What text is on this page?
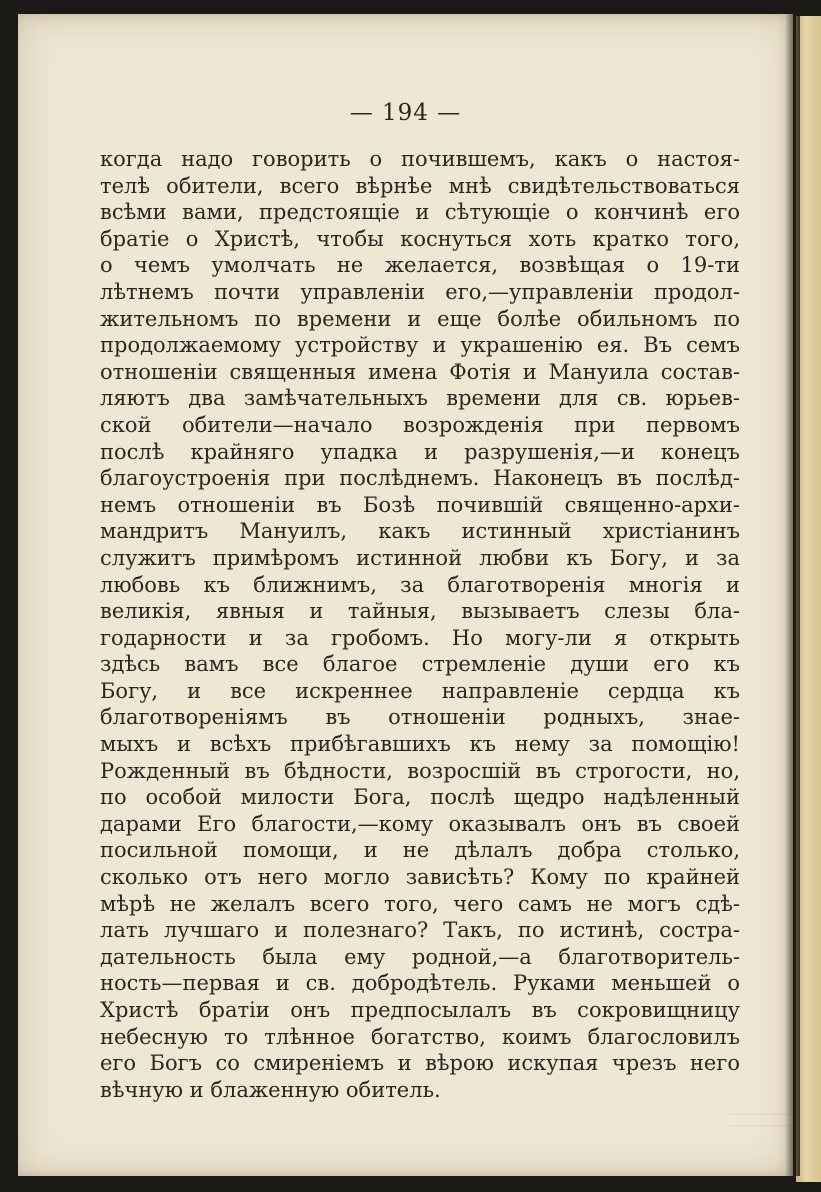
— 194 —
когда надо говорить о почившемъ, какъ о настоя-
телѣ обители, всего вѣрнѣе мнѣ свидѣтельствоваться
всѣми вами, предстоящіе и сѣтующіе о кончинѣ его
братіе о Христѣ, чтобы коснуться хоть кратко того,
о чемъ умолчать не желается, возвѣщая о 19-ти
лѣтнемъ почти управленіи его,—управленіи продол-
жительномъ по времени и еще болѣе обильномъ по
продолжаемому устройству и украшенію ея. Въ семъ
отношеніи священныя имена Фотія и Мануила состав-
ляютъ два замѣчательныхъ времени для св. юрьев-
ской обители—начало возрожденія при первомъ
послѣ крайняго упадка и разрушенія,—и конецъ
благоустроенія при послѣднемъ. Наконецъ въ послѣд-
немъ отношеніи въ Бозѣ почившій священно-архи-
мандритъ Мануилъ, какъ истинный христіанинъ
служитъ примѣромъ истинной любви къ Богу, и за
любовь къ ближнимъ, за благотворенія многія и
великія, явныя и тайныя, вызываетъ слезы бла-
годарности и за гробомъ. Но могу-ли я открыть
здѣсь вамъ все благое стремленіе души его къ
Богу, и все искреннее направленіе сердца къ
благотвореніямъ въ отношеніи родныхъ, знае-
мыхъ и всѣхъ прибѣгавшихъ къ нему за помощію!
Рожденный въ бѣдности, возросшій въ строгости, но,
по особой милости Бога, послѣ щедро надѣленный
дарами Его благости,—кому оказывалъ онъ въ своей
посильной помощи, и не дѣлалъ добра столько,
сколько отъ него могло зависѣть? Кому по крайней
мѣрѣ не желалъ всего того, чего самъ не могъ сдѣ-
лать лучшаго и полезнаго? Такъ, по истинѣ, состра-
дательность была ему родной,—а благотворитель-
ность—первая и св. добродѣтель. Руками меньшей о
Христѣ братіи онъ предпосылалъ въ сокровищницу
небесную то тлѣнное богатство, коимъ благословилъ
его Богъ со смиреніемъ и вѣрою искупая чрезъ него
вѣчную и блаженную обитель.
